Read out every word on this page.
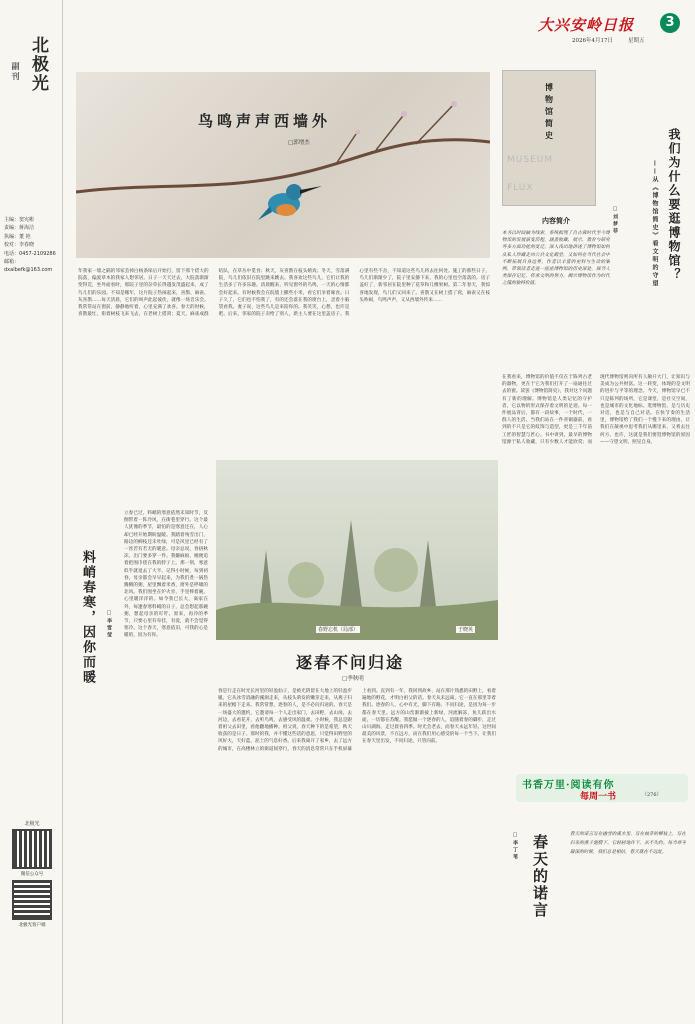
北极光
副刊
主编：窦宪彬
责编：蒋海洁
执编：董 艳
校对：李春晓
电话：0457-2109286
邮箱：
dxalbefk@163.com
北极光
微信公众号
北极光客户端
大兴安岭日报	3
2026年4月17日	星期五
鸟鸣声声西墙外
□郭增杰
年我家一墙之隔的邻家丢掉白杨条垛后开始打，留下那个偌大的院落，偏爱草木的我家人想邻居。日子一天天过去，大院落渐渐变得荒，坐外面看时，那院子里的杂草长得越发茂盛起来，成了鸟儿们的乐园。不知是哪年，这片院子热闹起来，喜鹊、麻雀、灰喜鹊……每天清晨，它们的叫声此起彼伏，就像一场音乐会。我常常站在窗前，静静地听着，心里充满了欢喜。春天的时候，喜鹊最忙，衔着树枝飞来飞去，在老树上搭窝；夏天，麻雀成群结队，在草丛中觅食；秋天，灰喜鹊在枝头嬉戏；冬天，雪落满院，鸟儿们依旧在院里跳来跳去。我喜欢这些鸟儿，它们让我的生活多了许多乐趣。清晨醒来，听见窗外的鸟鸣，一天的心情都会好起来。有时候我会在院墙上撒些小米，看它们争着啄食。日子久了，它们也不怕我了，有的还会落在我的窗台上，歪着小脑袋看我。妻子说，这些鸟儿是来陪你的。我笑笑，心想，也许是吧。后来，邻家的院子卖给了别人，新主人要在这里盖房子。我心里有些不舍，不知道这些鸟儿将去往何处。施工的那些日子，鸟儿们渐渐少了，院子里安静下来，我的心里也空落落的。房子盖好了，新邻居在院里种了花草和几棵果树。第二年春天，我惊喜地发现，鸟儿们又回来了。喜鹊又在树上搭了窝，麻雀又在枝头吵闹，鸟鸣声声，又从西墙外传来……
料峭春寒，因你而暖	□李雪莹
立春已过，料峭的寒意依然未知时节，反倒带着一阵冷风，在街巷里穿行。这个最人犹豫的季节，最怕的是寒意还在，人心却已经开始期盼温暖。我踏着残雪出门，路边的柳枝还未吐绿，可是风里已经有了一丝若有若无的暖意。母亲总说，春捂秋冻，出门要多穿一件。我嫌麻烦，她便追着把围巾绕在我的脖子上。那一刻，寒意似乎就退去了大半。记得小时候，每到初春，母亲都会早早起来，为我们煮一锅热腾腾的粥，屋里飘着米香，窗外是呼啸的北风。我们围坐在炉火旁，手里捧着碗，心里暖洋洋的。如今我已长大，离家在外，每逢春寒料峭的日子，总会想起那碗粥，想起母亲的叮咛。原来，再冷的季节，只要心里有牵挂，有爱，就不会觉得寒冷。这个春天，寒意依旧，可我的心是暖的，因为有你。
春野忘机（局部）	于晓英
逐春不问归途
□季秋明
春是行走在时光长河里的轻盈仙子，是被光阴留在大地上的轻盈步履。它从冰雪消融的溪涧走来，从枝头萌发的嫩芽走来，从燕子归来的屋檐下走来。我常常想，逐春的人，是不必问归途的。春天是一场盛大的邀约，它邀请每一个人走出家门，去田野，去山岗，去河边，去看花开，去听鸟鸣，去感受风的温柔。小时候，我总是跟着祖父去田里，看他翻地播种。祖父说，春天种下的是希望，秋天收获的是日子。那时的我，并不懂这些话的意思，只觉得田野里的风好大，天好蓝，泥土的气息好香。后来我离开了家乡，去了远方的城市，在高楼林立的街道间穿行，春天的消息常常只在手机屏幕上看到。直到有一年，我回到故乡，站在那片熟悉的田野上，看着遍地的野花，才明白祖父的话。春天从未远离，它一直在那里等着我们。逐春的人，心中有光，脚下有路。不问归途，是因为每一步都在春天里。远方的山峦渐渐披上新绿，河流解冻，鱼儿跃出水面，一切都在苏醒。我愿做一个逐春的人，追随着春的脚步，走过山川湖海，走过晨昏四季。时光会老去，而春天永远年轻。这世间最美的风景，不在远方，而在我们用心感受的每一个当下。让我们在春天里出发，不问归途，只管向前。
博
物
馆
简
史
MUSEUM
FLUX
内容简介
本书以时间轴为线索，系统梳理了自古典时代至今博物馆的发展演变历程，涵盖收藏、展示、教育与研究等多方面功能的变迁，深入浅出地讲述了博物馆如何从私人珍藏走向公共文化殿堂，又如何在当代社会中不断拓展自身边界。作者以丰富的史料与生动的案例，带领读者走进一座座博物馆的历史深处，探寻人类保存记忆、传承文明的努力，揭示博物馆作为时代之镜的独特价值。
我们为什么要逛博物馆？
——从《博物馆简史》看文明的守望
□刘梦菲
在我看来，博物馆的价值不仅在于陈列古老的器物，更在于它为我们打开了一扇通往过去的窗。读罢《博物馆简史》，我对这个问题有了新的理解。博物馆是人类记忆的守护者，它以物的形式保存着文明的足迹。每一件展品背后，都有一段故事，一个时代，一群人的生活。当我们站在一件青铜器前，看到的不只是它的纹饰与造型，更是三千年前工匠的智慧与匠心。书中讲到，最早的博物馆源于私人收藏，只有少数人才能欣赏；而现代博物馆则向所有人敞开大门，让知识与美成为公共财富。这一转变，体现的是文明的进步与平等的理念。今天，博物馆早已不只是陈列的场所，它是课堂，是社交空间，也是城市的文化地标。逛博物馆，是与历史对话，也是与自己对话。在快节奏的生活里，博物馆给了我们一个慢下来的理由，让我们在凝视中思考我们从哪里来，又将去往何方。也许，这就是我们要逛博物馆的原因——守望文明，照见自身。
书香万里·阅读有你
每周一书	（276）
春天的诺言
□李丁苇	春天的诺言写在融雪的溪水里，写在抽芽的柳枝上，写在归来的燕子翅膀下。它轻轻地许下，从不失约。每当寒冬最深的时候，我们总是相信，春天就在不远处。
